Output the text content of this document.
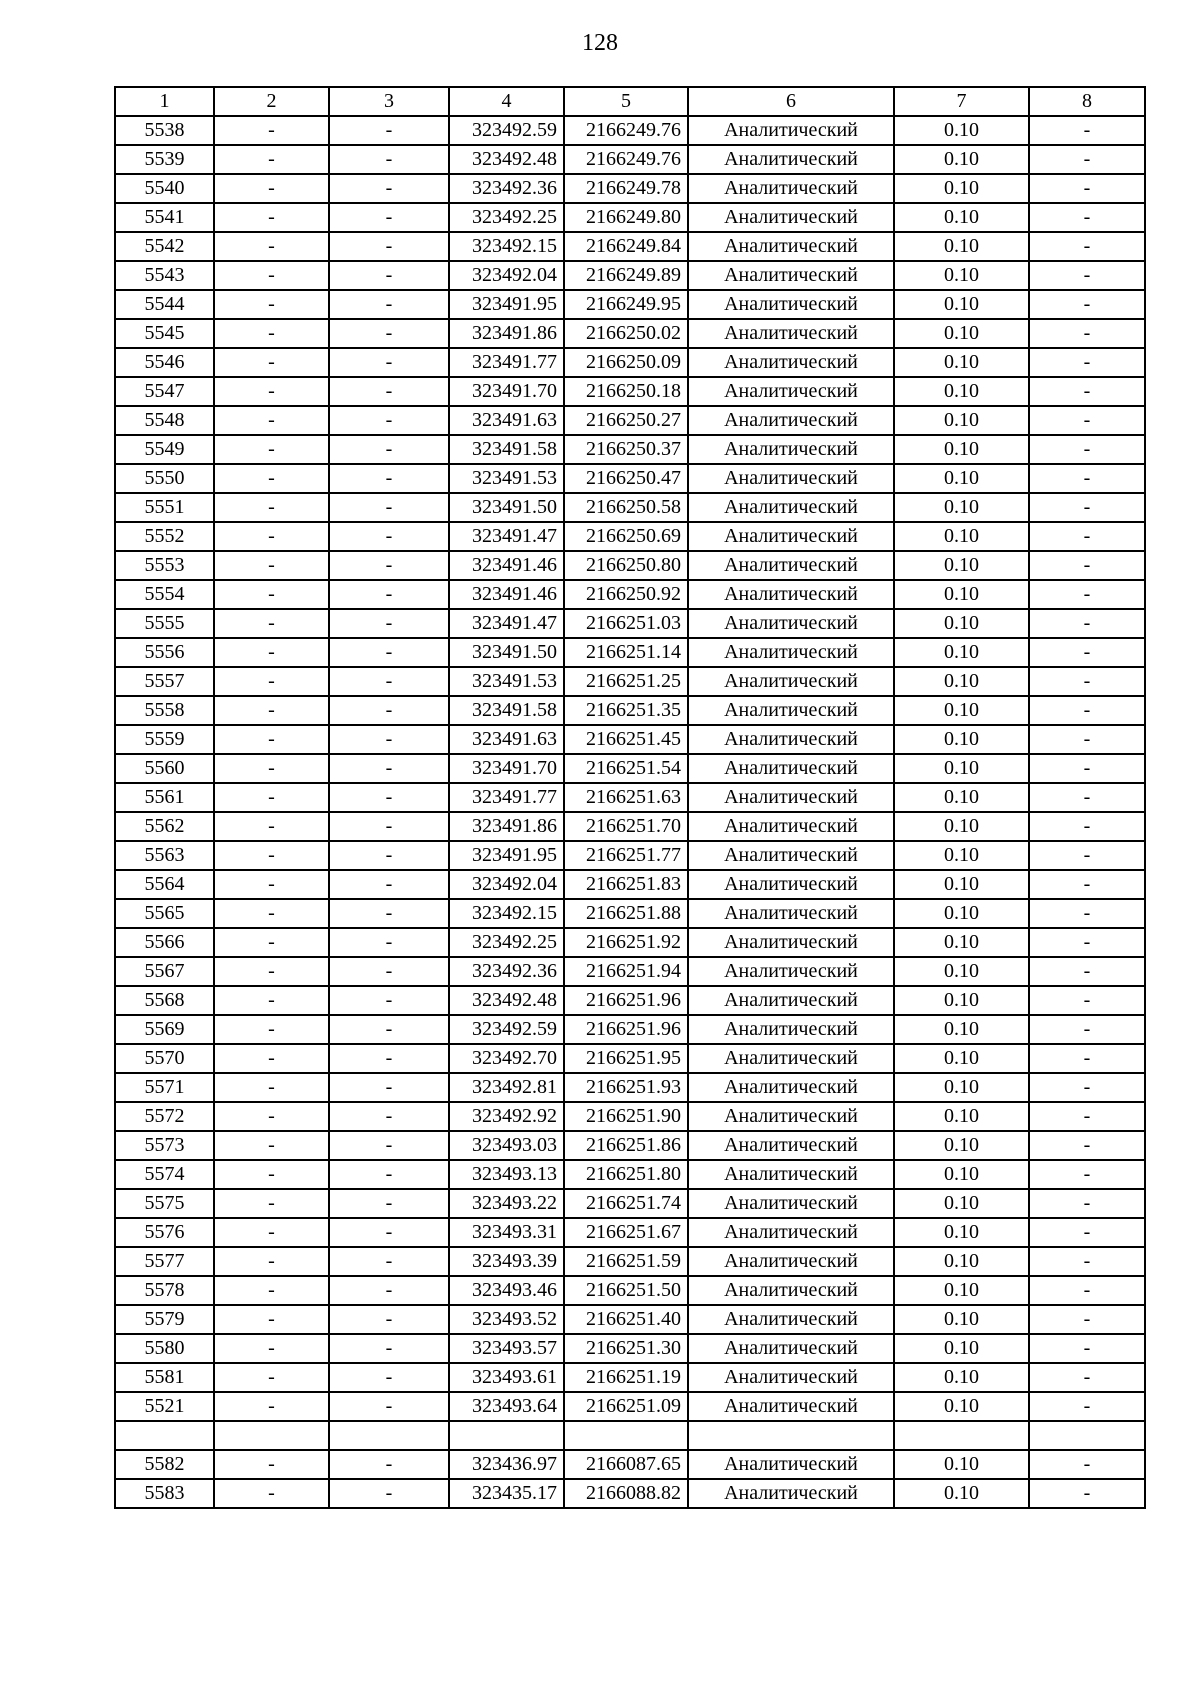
128
1	2	3	4	5	6	7	8
5538	-	-	323492.59	2166249.76	Аналитический	0.10	-
5539	-	-	323492.48	2166249.76	Аналитический	0.10	-
5540	-	-	323492.36	2166249.78	Аналитический	0.10	-
5541	-	-	323492.25	2166249.80	Аналитический	0.10	-
5542	-	-	323492.15	2166249.84	Аналитический	0.10	-
5543	-	-	323492.04	2166249.89	Аналитический	0.10	-
5544	-	-	323491.95	2166249.95	Аналитический	0.10	-
5545	-	-	323491.86	2166250.02	Аналитический	0.10	-
5546	-	-	323491.77	2166250.09	Аналитический	0.10	-
5547	-	-	323491.70	2166250.18	Аналитический	0.10	-
5548	-	-	323491.63	2166250.27	Аналитический	0.10	-
5549	-	-	323491.58	2166250.37	Аналитический	0.10	-
5550	-	-	323491.53	2166250.47	Аналитический	0.10	-
5551	-	-	323491.50	2166250.58	Аналитический	0.10	-
5552	-	-	323491.47	2166250.69	Аналитический	0.10	-
5553	-	-	323491.46	2166250.80	Аналитический	0.10	-
5554	-	-	323491.46	2166250.92	Аналитический	0.10	-
5555	-	-	323491.47	2166251.03	Аналитический	0.10	-
5556	-	-	323491.50	2166251.14	Аналитический	0.10	-
5557	-	-	323491.53	2166251.25	Аналитический	0.10	-
5558	-	-	323491.58	2166251.35	Аналитический	0.10	-
5559	-	-	323491.63	2166251.45	Аналитический	0.10	-
5560	-	-	323491.70	2166251.54	Аналитический	0.10	-
5561	-	-	323491.77	2166251.63	Аналитический	0.10	-
5562	-	-	323491.86	2166251.70	Аналитический	0.10	-
5563	-	-	323491.95	2166251.77	Аналитический	0.10	-
5564	-	-	323492.04	2166251.83	Аналитический	0.10	-
5565	-	-	323492.15	2166251.88	Аналитический	0.10	-
5566	-	-	323492.25	2166251.92	Аналитический	0.10	-
5567	-	-	323492.36	2166251.94	Аналитический	0.10	-
5568	-	-	323492.48	2166251.96	Аналитический	0.10	-
5569	-	-	323492.59	2166251.96	Аналитический	0.10	-
5570	-	-	323492.70	2166251.95	Аналитический	0.10	-
5571	-	-	323492.81	2166251.93	Аналитический	0.10	-
5572	-	-	323492.92	2166251.90	Аналитический	0.10	-
5573	-	-	323493.03	2166251.86	Аналитический	0.10	-
5574	-	-	323493.13	2166251.80	Аналитический	0.10	-
5575	-	-	323493.22	2166251.74	Аналитический	0.10	-
5576	-	-	323493.31	2166251.67	Аналитический	0.10	-
5577	-	-	323493.39	2166251.59	Аналитический	0.10	-
5578	-	-	323493.46	2166251.50	Аналитический	0.10	-
5579	-	-	323493.52	2166251.40	Аналитический	0.10	-
5580	-	-	323493.57	2166251.30	Аналитический	0.10	-
5581	-	-	323493.61	2166251.19	Аналитический	0.10	-
5521	-	-	323493.64	2166251.09	Аналитический	0.10	-

5582	-	-	323436.97	2166087.65	Аналитический	0.10	-
5583	-	-	323435.17	2166088.82	Аналитический	0.10	-
